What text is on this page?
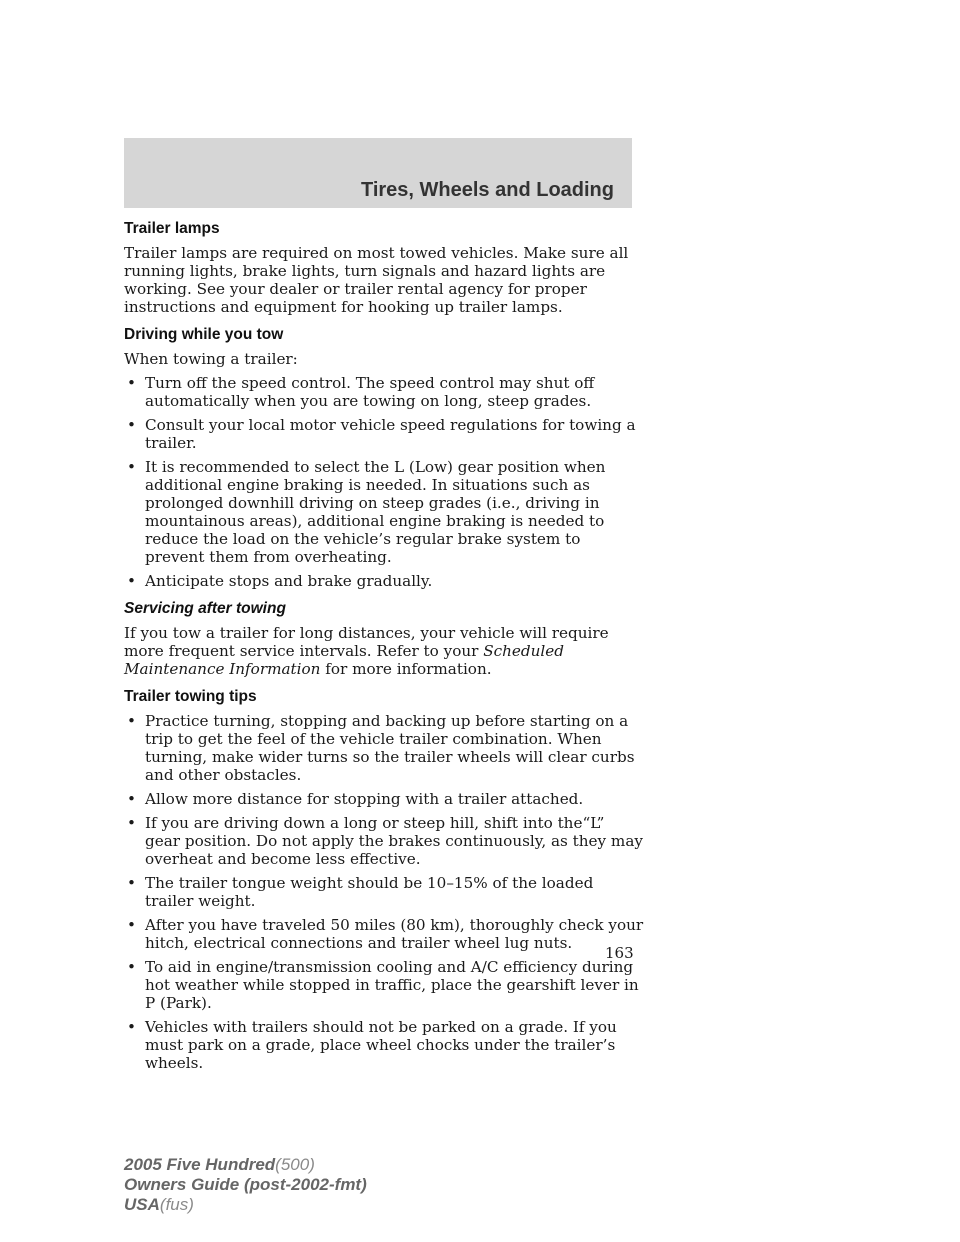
Tires, Wheels and Loading
Trailer lamps

Trailer lamps are required on most towed vehicles. Make sure all running lights, brake lights, turn signals and hazard lights are working. See your dealer or trailer rental agency for proper instructions and equipment for hooking up trailer lamps.

Driving while you tow

When towing a trailer:

• Turn off the speed control. The speed control may shut off automatically when you are towing on long, steep grades.
• Consult your local motor vehicle speed regulations for towing a trailer.
• It is recommended to select the L (Low) gear position when additional engine braking is needed. In situations such as prolonged downhill driving on steep grades (i.e., driving in mountainous areas), additional engine braking is needed to reduce the load on the vehicle’s regular brake system to prevent them from overheating.
• Anticipate stops and brake gradually.
Servicing after towing

If you tow a trailer for long distances, your vehicle will require more frequent service intervals. Refer to your Scheduled Maintenance Information for more information.

Trailer towing tips
• Practice turning, stopping and backing up before starting on a trip to get the feel of the vehicle trailer combination. When turning, make wider turns so the trailer wheels will clear curbs and other obstacles.
• Allow more distance for stopping with a trailer attached.
• If you are driving down a long or steep hill, shift into the“L” gear position. Do not apply the brakes continuously, as they may overheat and become less effective.
• The trailer tongue weight should be 10–15% of the loaded trailer weight.
• After you have traveled 50 miles (80 km), thoroughly check your hitch, electrical connections and trailer wheel lug nuts.
• To aid in engine/transmission cooling and A/C efficiency during hot weather while stopped in traffic, place the gearshift lever in P (Park).
• Vehicles with trailers should not be parked on a grade. If you must park on a grade, place wheel chocks under the trailer’s wheels.
163
2005 Five Hundred(500)
Owners Guide (post-2002-fmt)
USA(fus)
